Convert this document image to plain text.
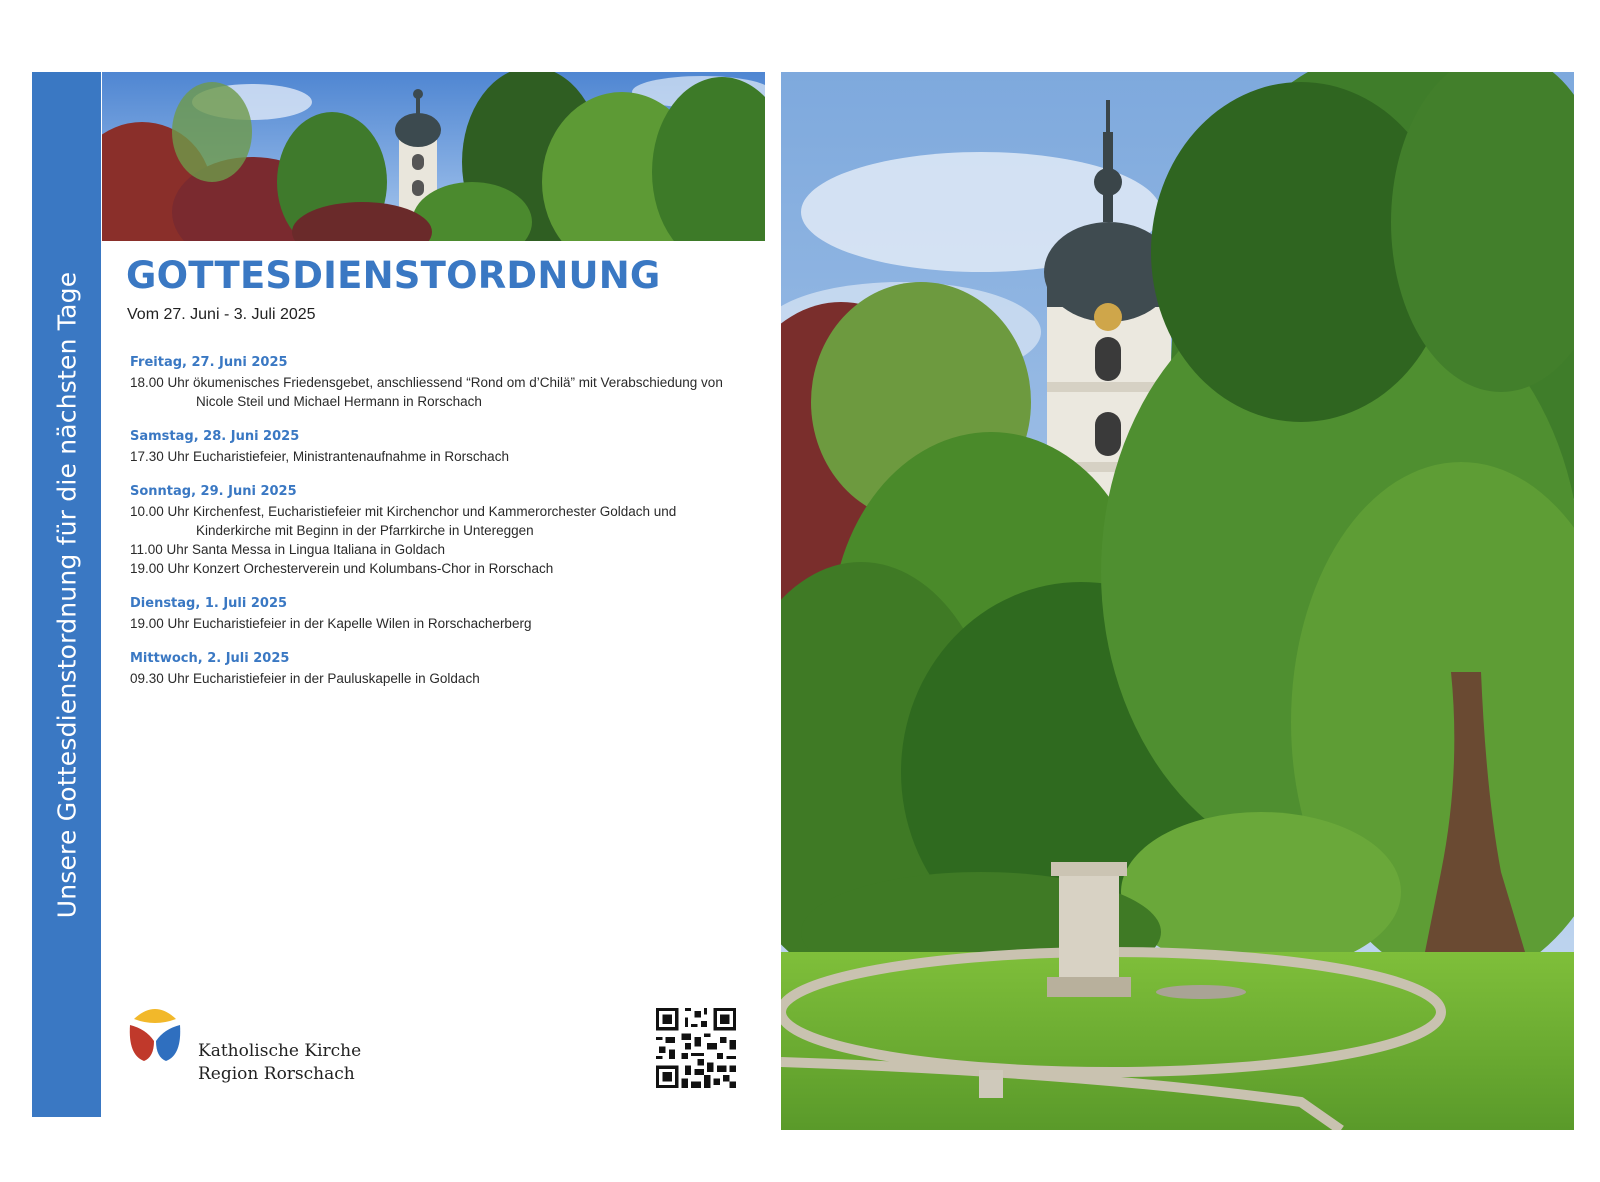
Unsere Gottesdienstordnung für die nächsten Tage GOTTESDIENSTORDNUNG
Vom 27. Juni - 3. Juli 2025
Freitag, 27. Juni 2025
18.00 Uhr ökumenisches Friedensgebet, anschliessend “Rond om d’Chilä” mit Verabschiedung von Nicole Steil und Michael Hermann in Rorschach
Samstag, 28. Juni 2025
17.30 Uhr Eucharistiefeier, Ministrantenaufnahme in Rorschach
Sonntag, 29. Juni 2025
10.00 Uhr Kirchenfest, Eucharistiefeier mit Kirchenchor und Kammerorchester Goldach und Kinderkirche mit Beginn in der Pfarrkirche in Untereggen
11.00 Uhr Santa Messa in Lingua Italiana in Goldach
19.00 Uhr Konzert Orchesterverein und Kolumbans-Chor in Rorschach
Dienstag, 1. Juli 2025
19.00 Uhr Eucharistiefeier in der Kapelle Wilen in Rorschacherberg
Mittwoch, 2. Juli 2025
09.30 Uhr Eucharistiefeier in der Pauluskapelle in Goldach
Katholische Kirche
Region Rorschach
